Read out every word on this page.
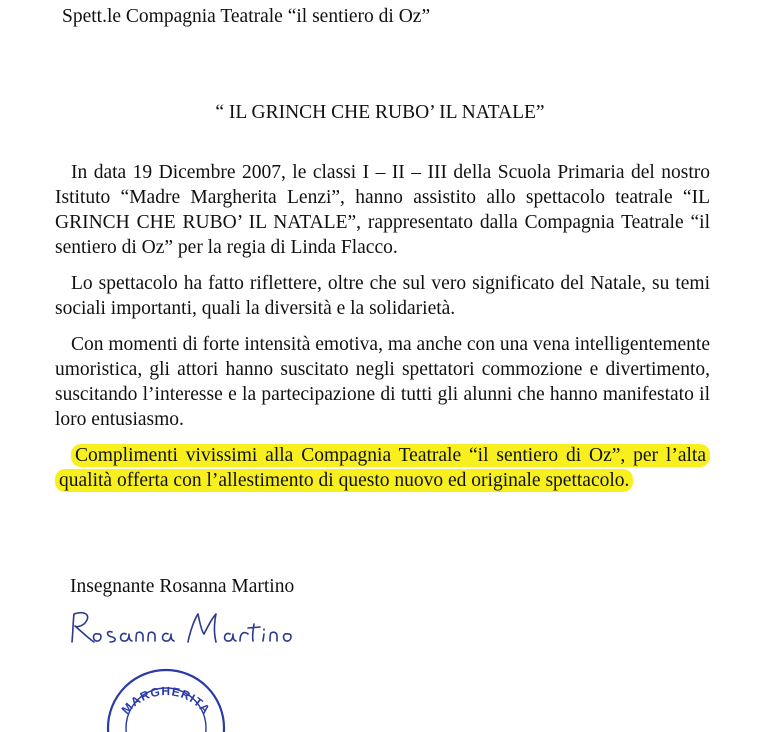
Spett.le Compagnia Teatrale “il sentiero di Oz”
“ IL GRINCH CHE RUBO’ IL NATALE”

In data 19 Dicembre 2007, le classi I – II – III della Scuola Primaria del nostro Istituto “Madre Margherita Lenzi”, hanno assistito allo spettacolo teatrale “IL GRINCH CHE RUBO’ IL NATALE”, rappresentato dalla Compagnia Teatrale “il sentiero di Oz” per la regia di Linda Flacco.

Lo spettacolo ha fatto riflettere, oltre che sul vero significato del Natale, su temi sociali importanti, quali la diversità e la solidarietà.

Con momenti di forte intensità emotiva, ma anche con una vena intelligentemente umoristica, gli attori hanno suscitato negli spettatori commozione e divertimento, suscitando l’interesse e la partecipazione di tutti gli alunni che hanno manifestato il loro entusiasmo.

Complimenti vivissimi alla Compagnia Teatrale “il sentiero di Oz”, per l’alta qualità offerta con l’allestimento di questo nuovo ed originale spettacolo.

Insegnante Rosanna Martino
MARGHERITA
